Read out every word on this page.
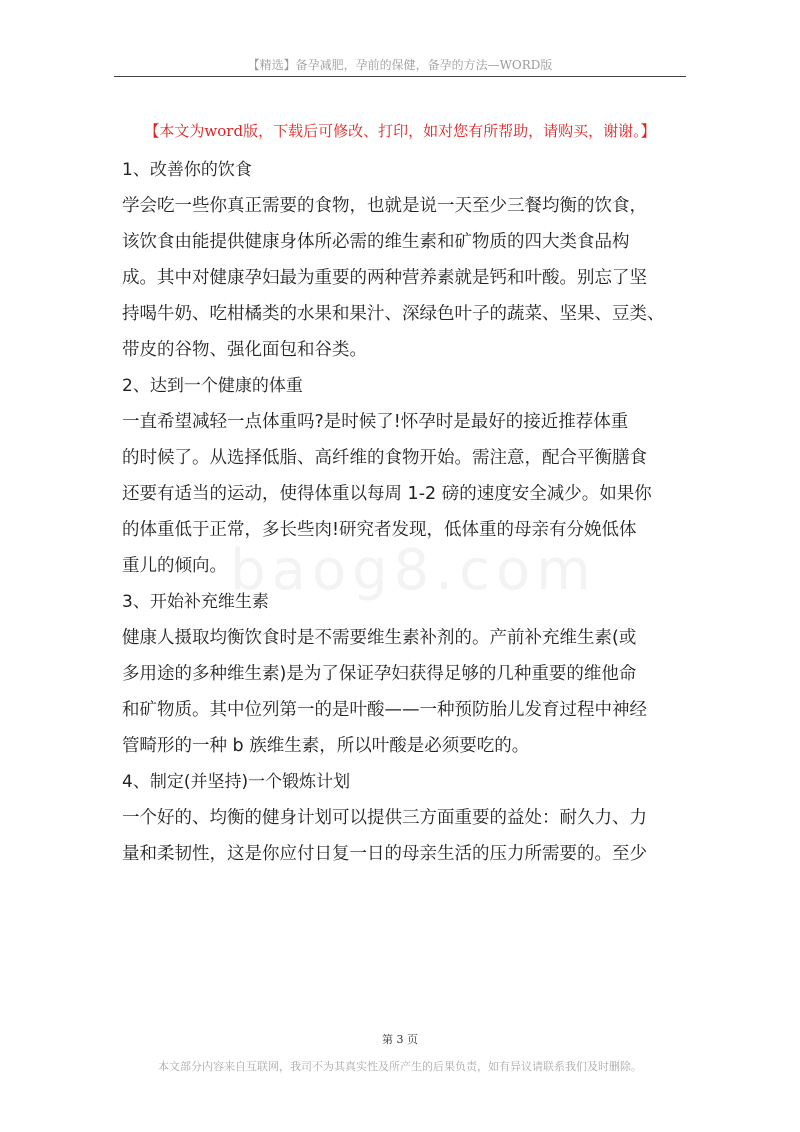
【精选】备孕减肥，孕前的保健，备孕的方法—WORD版
【本文为word版，下载后可修改、打印，如对您有所帮助，请购买，谢谢。】
baog8.com
1、改善你的饮食
学会吃一些你真正需要的食物，也就是说一天至少三餐均衡的饮食，
该饮食由能提供健康身体所必需的维生素和矿物质的四大类食品构
成。其中对健康孕妇最为重要的两种营养素就是钙和叶酸。别忘了坚
持喝牛奶、吃柑橘类的水果和果汁、深绿色叶子的蔬菜、坚果、豆类、
带皮的谷物、强化面包和谷类。
2、达到一个健康的体重
一直希望减轻一点体重吗?是时候了!怀孕时是最好的接近推荐体重
的时候了。从选择低脂、高纤维的食物开始。需注意，配合平衡膳食
还要有适当的运动，使得体重以每周 1-2 磅的速度安全减少。如果你
的体重低于正常，多长些肉!研究者发现，低体重的母亲有分娩低体
重儿的倾向。
3、开始补充维生素
健康人摄取均衡饮食时是不需要维生素补剂的。产前补充维生素(或
多用途的多种维生素)是为了保证孕妇获得足够的几种重要的维他命
和矿物质。其中位列第一的是叶酸——一种预防胎儿发育过程中神经
管畸形的一种 b 族维生素，所以叶酸是必须要吃的。
4、制定(并坚持)一个锻炼计划
一个好的、均衡的健身计划可以提供三方面重要的益处：耐久力、力
量和柔韧性，这是你应付日复一日的母亲生活的压力所需要的。至少
第 3 页
本文部分内容来自互联网，我司不为其真实性及所产生的后果负责，如有异议请联系我们及时删除。
